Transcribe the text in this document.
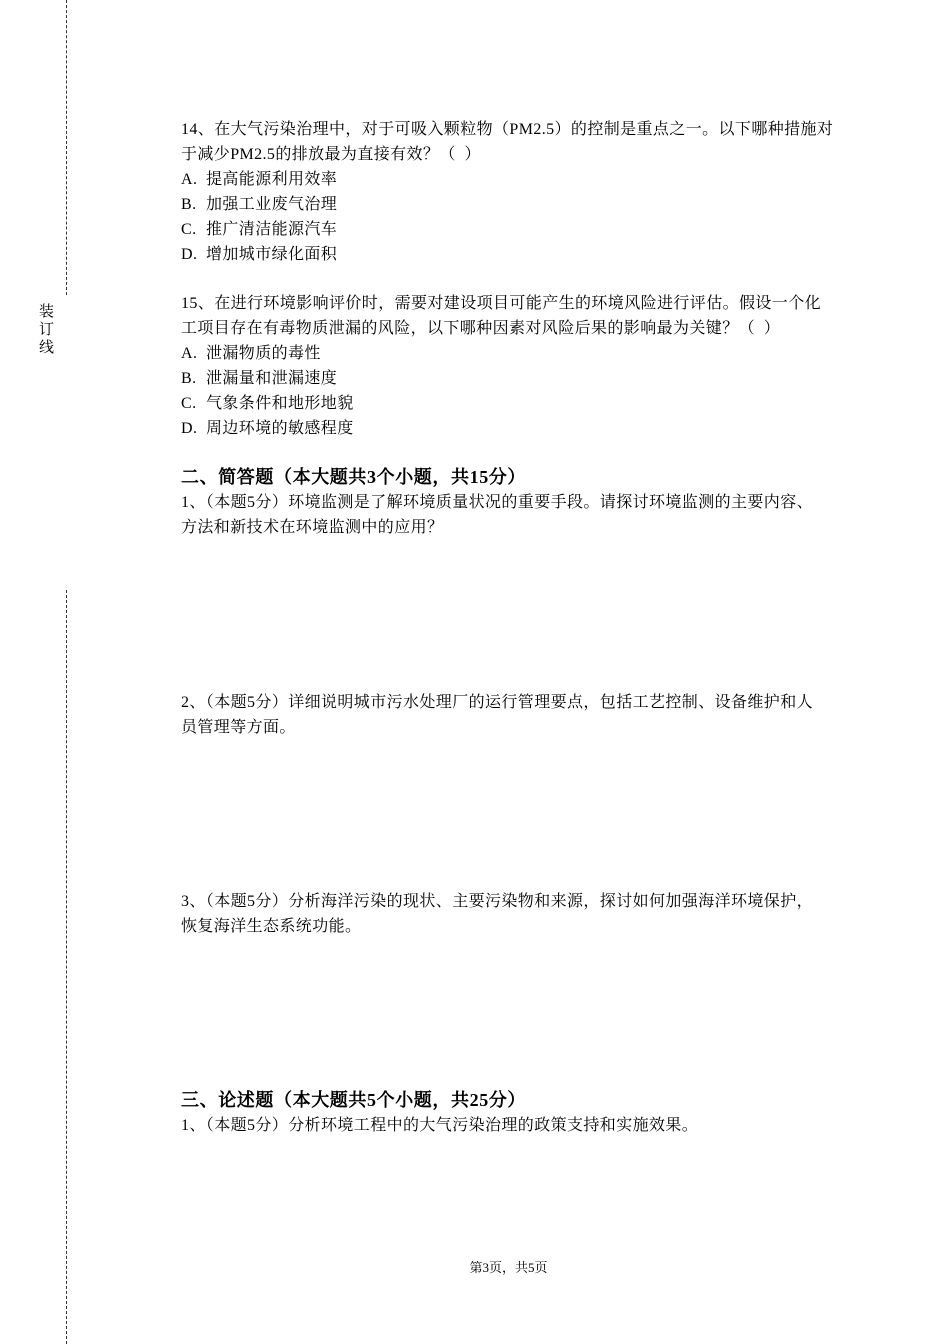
装订线
14、在大气污染治理中，对于可吸入颗粒物（PM2.5）的控制是重点之一。以下哪种措施对
于减少PM2.5的排放最为直接有效？（  ）
A. 提高能源利用效率
B. 加强工业废气治理
C. 推广清洁能源汽车
D. 增加城市绿化面积
15、在进行环境影响评价时，需要对建设项目可能产生的环境风险进行评估。假设一个化
工项目存在有毒物质泄漏的风险，以下哪种因素对风险后果的影响最为关键？（  ）
A. 泄漏物质的毒性
B. 泄漏量和泄漏速度
C. 气象条件和地形地貌
D. 周边环境的敏感程度
二、简答题（本大题共3个小题，共15分）
1、（本题5分）环境监测是了解环境质量状况的重要手段。请探讨环境监测的主要内容、
方法和新技术在环境监测中的应用？
2、（本题5分）详细说明城市污水处理厂的运行管理要点，包括工艺控制、设备维护和人
员管理等方面。
3、（本题5分）分析海洋污染的现状、主要污染物和来源，探讨如何加强海洋环境保护，
恢复海洋生态系统功能。
三、论述题（本大题共5个小题，共25分）
1、（本题5分）分析环境工程中的大气污染治理的政策支持和实施效果。
第3页，共5页
